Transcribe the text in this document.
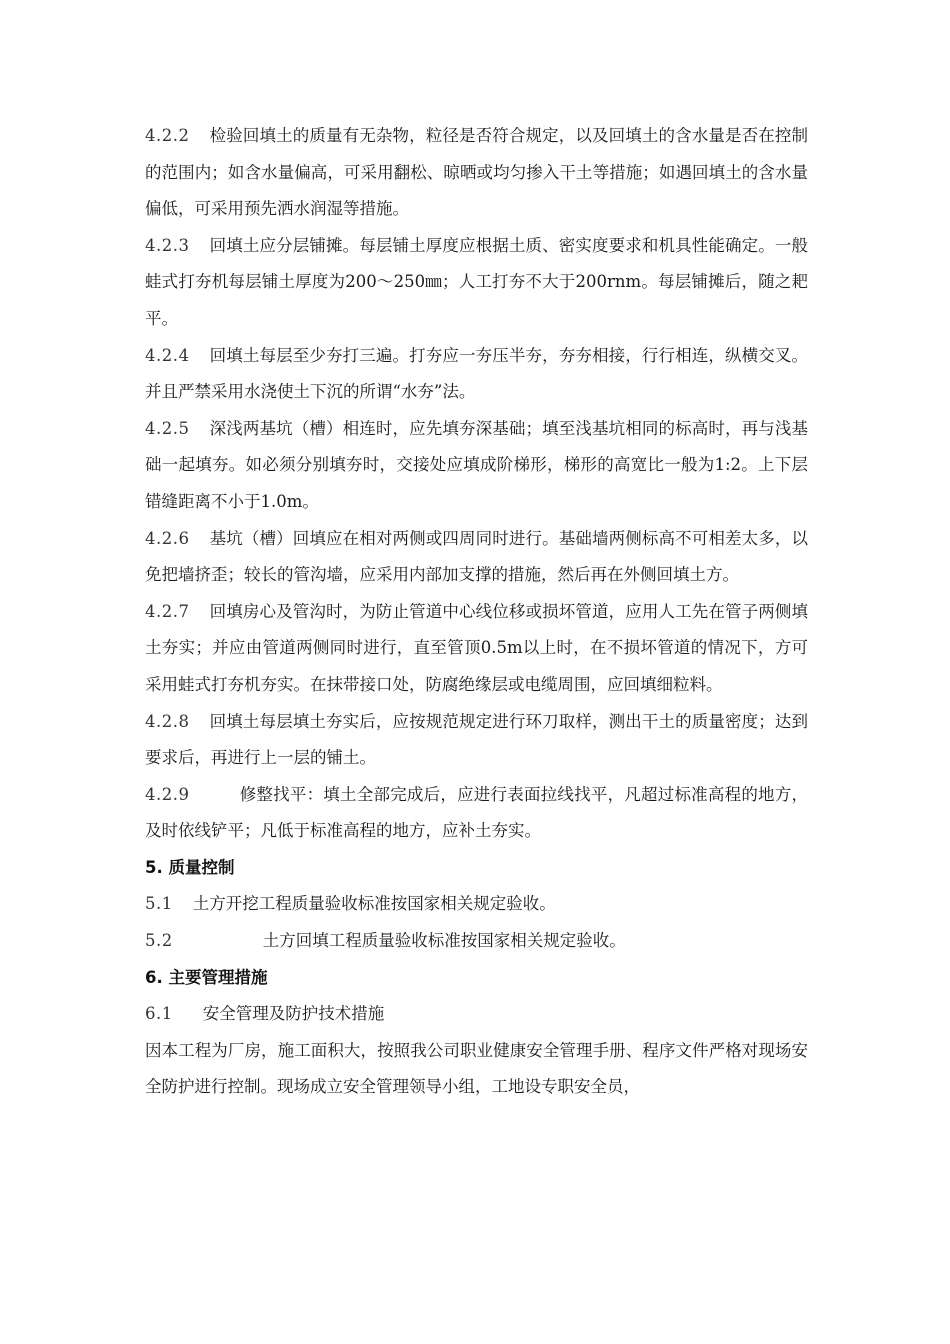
4.2.2 检验回填土的质量有无杂物，粒径是否符合规定，以及回填土的含水量是否在控制的范围内；如含水量偏高，可采用翻松、晾晒或均匀掺入干土等措施；如遇回填土的含水量偏低，可采用预先洒水润湿等措施。

4.2.3 回填土应分层铺摊。每层铺土厚度应根据土质、密实度要求和机具性能确定。一般蛙式打夯机每层铺土厚度为200～250㎜；人工打夯不大于200rnm。每层铺摊后，随之耙平。

4.2.4 回填土每层至少夯打三遍。打夯应一夯压半夯，夯夯相接，行行相连，纵横交叉。并且严禁采用水浇使土下沉的所谓“水夯”法。

4.2.5 深浅两基坑（槽）相连时，应先填夯深基础；填至浅基坑相同的标高时，再与浅基础一起填夯。如必须分别填夯时，交接处应填成阶梯形，梯形的高宽比一般为1:2。上下层错缝距离不小于1.0m。

4.2.6 基坑（槽）回填应在相对两侧或四周同时进行。基础墙两侧标高不可相差太多，以免把墙挤歪；较长的管沟墙，应采用内部加支撑的措施，然后再在外侧回填土方。

4.2.7 回填房心及管沟时，为防止管道中心线位移或损坏管道，应用人工先在管子两侧填土夯实；并应由管道两侧同时进行，直至管顶0.5m以上时，在不损坏管道的情况下，方可采用蛙式打夯机夯实。在抹带接口处，防腐绝缘层或电缆周围，应回填细粒料。

4.2.8 回填土每层填土夯实后，应按规范规定进行环刀取样，测出干土的质量密度；达到要求后，再进行上一层的铺土。

4.2.9	修整找平：填土全部完成后，应进行表面拉线找平，凡超过标准高程的地方，及时依线铲平；凡低于标准高程的地方，应补土夯实。

5. 质量控制

5.1 土方开挖工程质量验收标准按国家相关规定验收。

5.2	土方回填工程质量验收标准按国家相关规定验收。

6. 主要管理措施

6.1 安全管理及防护技术措施

因本工程为厂房，施工面积大，按照我公司职业健康安全管理手册、程序文件严格对现场安全防护进行控制。现场成立安全管理领导小组，工地设专职安全员，
